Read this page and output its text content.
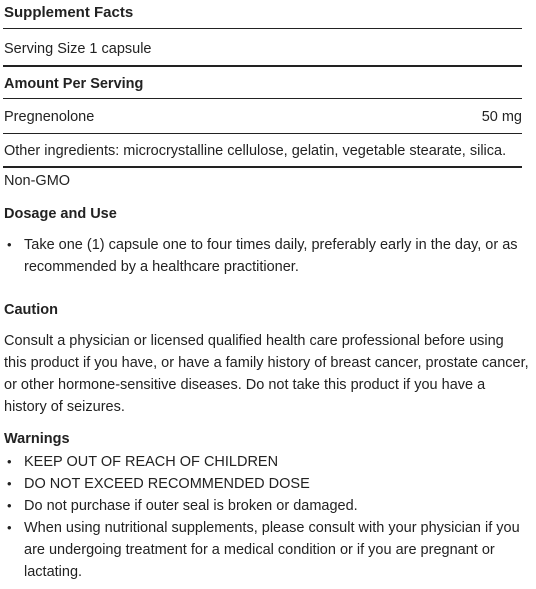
Supplement Facts
Serving Size 1 capsule
Amount Per Serving
Pregnenolone	50 mg
Other ingredients: microcrystalline cellulose, gelatin, vegetable stearate, silica.
Non-GMO
Dosage and Use
• Take one (1) capsule one to four times daily, preferably early in the day, or as recommended by a healthcare practitioner.
Caution
Consult a physician or licensed qualified health care professional before using this product if you have, or have a family history of breast cancer, prostate cancer, or other hormone-sensitive diseases. Do not take this product if you have a history of seizures.
Warnings
• KEEP OUT OF REACH OF CHILDREN
• DO NOT EXCEED RECOMMENDED DOSE
• Do not purchase if outer seal is broken or damaged.
• When using nutritional supplements, please consult with your physician if you are undergoing treatment for a medical condition or if you are pregnant or lactating.
